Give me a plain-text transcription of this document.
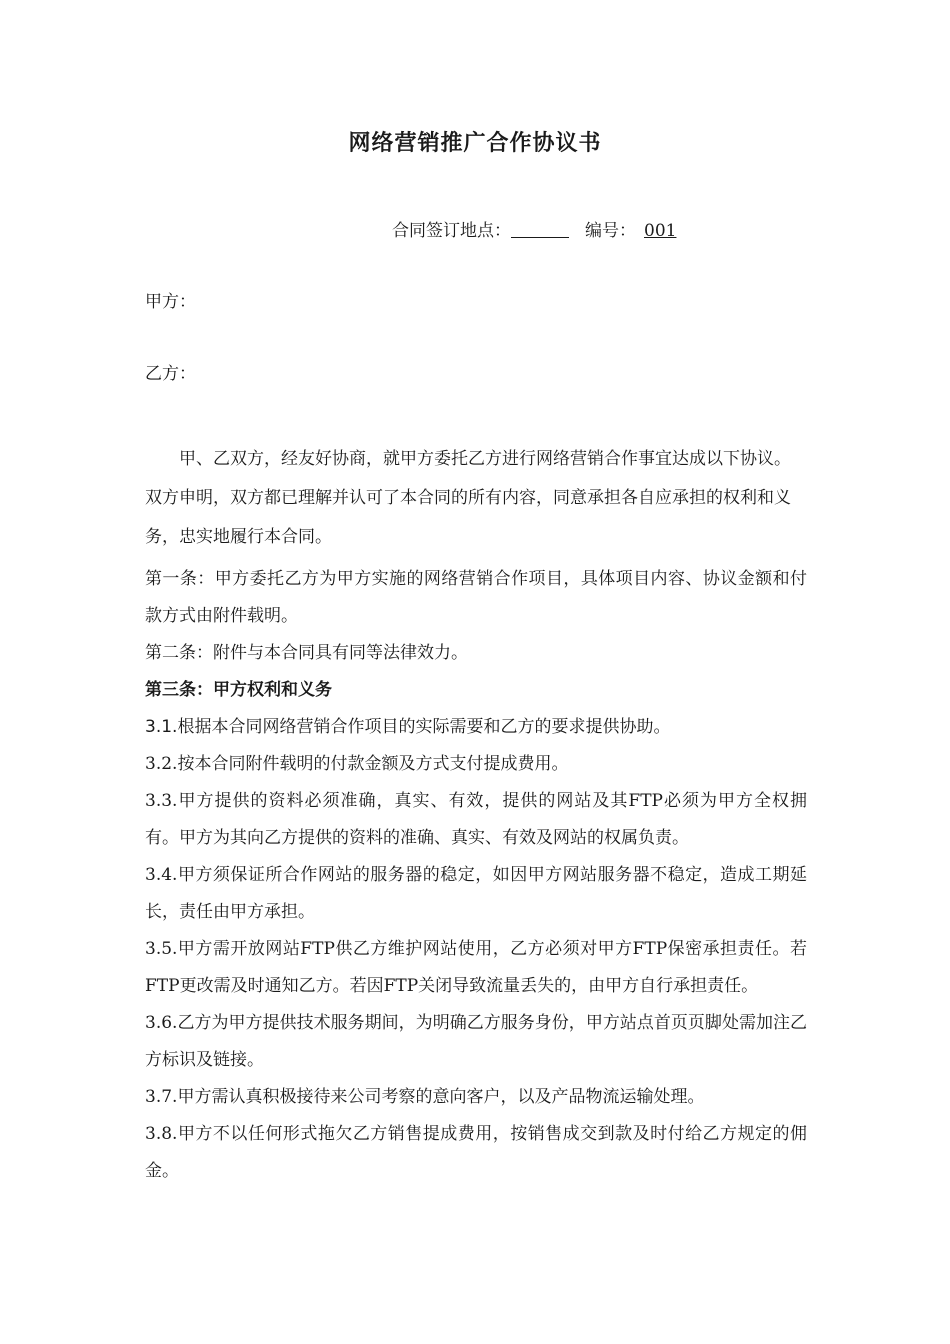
网络营销推广合作协议书
合同签订地点：	编号： 001
甲方：
乙方：

甲、乙双方，经友好协商，就甲方委托乙方进行网络营销合作事宜达成以下协议。双方申明，双方都已理解并认可了本合同的所有内容，同意承担各自应承担的权利和义务，忠实地履行本合同。

第一条：甲方委托乙方为甲方实施的网络营销合作项目，具体项目内容、协议金额和付款方式由附件载明。

第二条：附件与本合同具有同等法律效力。

第三条：甲方权利和义务

3.1.根据本合同网络营销合作项目的实际需要和乙方的要求提供协助。

3.2.按本合同附件载明的付款金额及方式支付提成费用。

3.3.甲方提供的资料必须准确，真实、有效，提供的网站及其FTP必须为甲方全权拥有。甲方为其向乙方提供的资料的准确、真实、有效及网站的权属负责。

3.4.甲方须保证所合作网站的服务器的稳定，如因甲方网站服务器不稳定，造成工期延长，责任由甲方承担。

3.5.甲方需开放网站FTP供乙方维护网站使用，乙方必须对甲方FTP保密承担责任。若FTP更改需及时通知乙方。若因FTP关闭导致流量丢失的，由甲方自行承担责任。

3.6.乙方为甲方提供技术服务期间，为明确乙方服务身份，甲方站点首页页脚处需加注乙方标识及链接。

3.7.甲方需认真积极接待来公司考察的意向客户，以及产品物流运输处理。

3.8.甲方不以任何形式拖欠乙方销售提成费用，按销售成交到款及时付给乙方规定的佣金。
